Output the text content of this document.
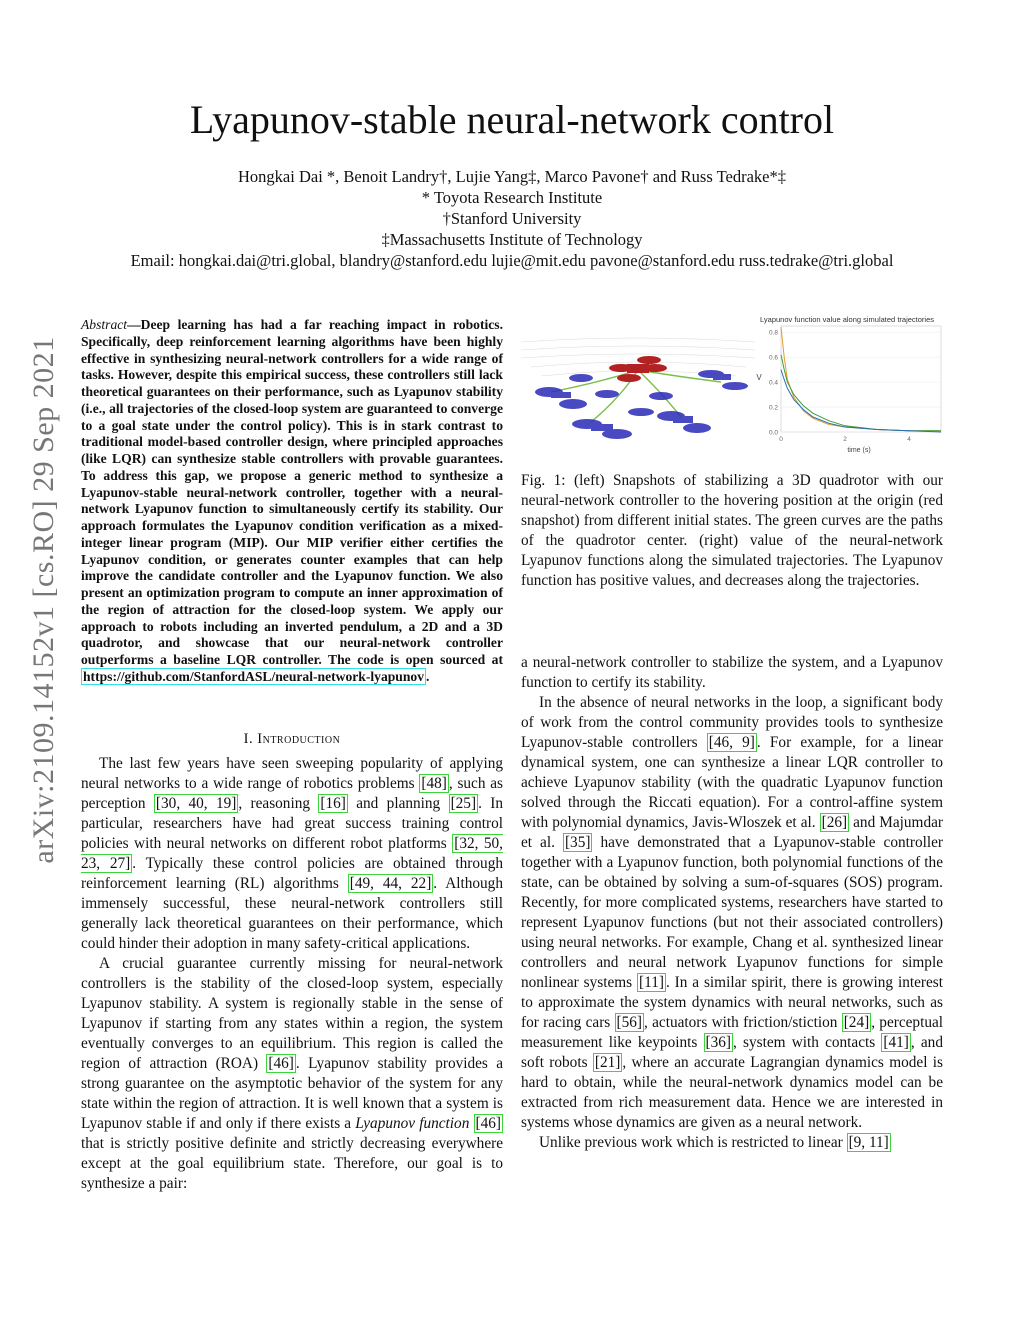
arXiv:2109.14152v1 [cs.RO] 29 Sep 2021
Lyapunov-stable neural-network control
Hongkai Dai *, Benoit Landry†, Lujie Yang‡, Marco Pavone† and Russ Tedrake*‡
* Toyota Research Institute
†Stanford University
‡Massachusetts Institute of Technology
Email: hongkai.dai@tri.global, blandry@stanford.edu lujie@mit.edu pavone@stanford.edu russ.tedrake@tri.global
Abstract—Deep learning has had a far reaching impact in robotics. Specifically, deep reinforcement learning algorithms have been highly effective in synthesizing neural-network controllers for a wide range of tasks. However, despite this empirical success, these controllers still lack theoretical guarantees on their performance, such as Lyapunov stability (i.e., all trajectories of the closed-loop system are guaranteed to converge to a goal state under the control policy). This is in stark contrast to traditional model-based controller design, where principled approaches (like LQR) can synthesize stable controllers with provable guarantees. To address this gap, we propose a generic method to synthesize a Lyapunov-stable neural-network controller, together with a neural-network Lyapunov function to simultaneously certify its stability. Our approach formulates the Lyapunov condition verification as a mixed-integer linear program (MIP). Our MIP verifier either certifies the Lyapunov condition, or generates counter examples that can help improve the candidate controller and the Lyapunov function. We also present an optimization program to compute an inner approximation of the region of attraction for the closed-loop system. We apply our approach to robots including an inverted pendulum, a 2D and a 3D quadrotor, and showcase that our neural-network controller outperforms a baseline LQR controller. The code is open sourced at https://github.com/StanfordASL/neural-network-lyapunov .
I. Introduction

The last few years have seen sweeping popularity of applying neural networks to a wide range of robotics problems [48] , such as perception [30, 40, 19] , reasoning [16] and planning [25] . In particular, researchers have had great success training control policies with neural networks on different robot platforms [32, 50, 23, 27] . Typically these control policies are obtained through reinforcement learning (RL) algorithms [49, 44, 22] . Although immensely successful, these neural-network controllers still generally lack theoretical guarantees on their performance, which could hinder their adoption in many safety-critical applications.

A crucial guarantee currently missing for neural-network controllers is the stability of the closed-loop system, especially Lyapunov stability. A system is regionally stable in the sense of Lyapunov if starting from any states within a region, the system eventually converges to an equilibrium. This region is called the region of attraction (ROA) [46] . Lyapunov stability provides a strong guarantee on the asymptotic behavior of the system for any state within the region of attraction. It is well known that a system is Lyapunov stable if and only if there exists a Lyapunov function [46] that is strictly positive definite and strictly decreasing everywhere except at the goal equilibrium state. Therefore, our goal is to synthesize a pair:

Lyapunov function value along simulated trajectories
0.0
0.2
0.4
0.6
0.8
0	2	4
V
time (s)
Fig. 1: (left) Snapshots of stabilizing a 3D quadrotor with our neural-network controller to the hovering position at the origin (red snapshot) from different initial states. The green curves are the paths of the quadrotor center. (right) value of the neural-network Lyapunov functions along the simulated trajectories. The Lyapunov function has positive values, and decreases along the trajectories.

a neural-network controller to stabilize the system, and a Lyapunov function to certify its stability.

In the absence of neural networks in the loop, a significant body of work from the control community provides tools to synthesize Lyapunov-stable controllers [46, 9] . For example, for a linear dynamical system, one can synthesize a linear LQR controller to achieve Lyapunov stability (with the quadratic Lyapunov function solved through the Riccati equation). For a control-affine system with polynomial dynamics, Javis-Wloszek et al. [26] and Majumdar et al. [35] have demonstrated that a Lyapunov-stable controller together with a Lyapunov function, both polynomial functions of the state, can be obtained by solving a sum-of-squares (SOS) program. Recently, for more complicated systems, researchers have started to represent Lyapunov functions (but not their associated controllers) using neural networks. For example, Chang et al. synthesized linear controllers and neural network Lyapunov functions for simple nonlinear systems [11] . In a similar spirit, there is growing interest to approximate the system dynamics with neural networks, such as for racing cars [56] , actuators with friction/stiction [24] , perceptual measurement like keypoints [36] , system with contacts [41] , and soft robots [21] , where an accurate Lagrangian dynamics model is hard to obtain, while the neural-network dynamics model can be extracted from rich measurement data. Hence we are interested in systems whose dynamics are given as a neural network.

Unlike previous work which is restricted to linear [9, 11]
